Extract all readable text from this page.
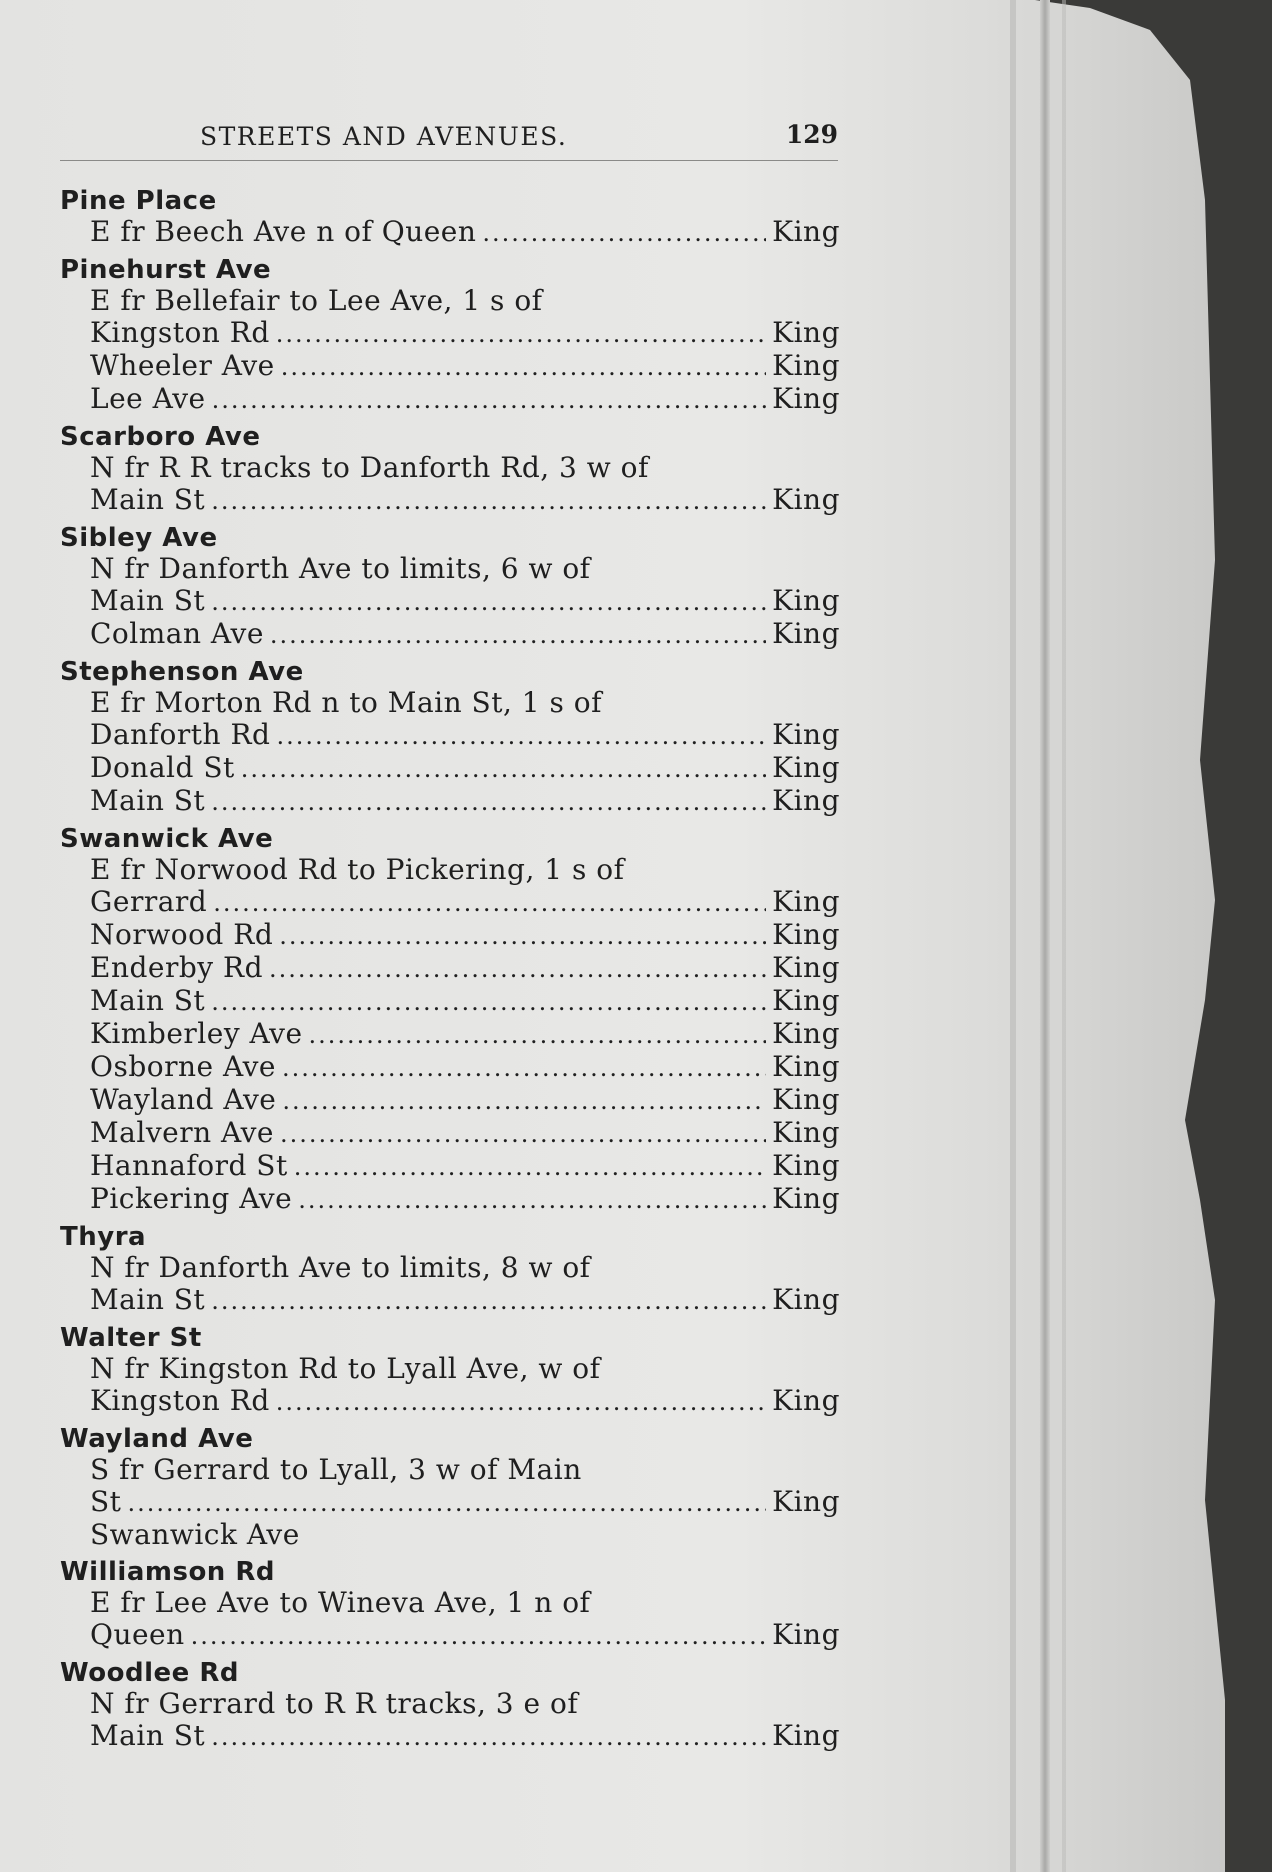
STREETS AND AVENUES.	129
Pine Place
E fr Beech Ave n of Queen .....	King
Pinehurst Ave
E fr Bellefair to Lee Ave, 1 s of
Kingston Rd .....	King
Wheeler Ave .....	King
Lee Ave .....	King
Scarboro Ave
N fr R R tracks to Danforth Rd, 3 w of
Main St .....	King
Sibley Ave
N fr Danforth Ave to limits, 6 w of
Main St .....	King
Colman Ave .....	King
Stephenson Ave
E fr Morton Rd n to Main St, 1 s of
Danforth Rd .....	King
Donald St .....	King
Main St .....	King
Swanwick Ave
E fr Norwood Rd to Pickering, 1 s of
Gerrard .....	King
Norwood Rd .....	King
Enderby Rd .....	King
Main St .....	King
Kimberley Ave .....	King
Osborne Ave .....	King
Wayland Ave .....	King
Malvern Ave .....	King
Hannaford St .....	King
Pickering Ave .....	King
Thyra
N fr Danforth Ave to limits, 8 w of
Main St .....	King
Walter St
N fr Kingston Rd to Lyall Ave, w of
Kingston Rd .....	King
Wayland Ave
S fr Gerrard to Lyall, 3 w of Main
St .....	King
Swanwick Ave
Williamson Rd
E fr Lee Ave to Wineva Ave, 1 n of
Queen .....	King
Woodlee Rd
N fr Gerrard to R R tracks, 3 e of
Main St .....	King
